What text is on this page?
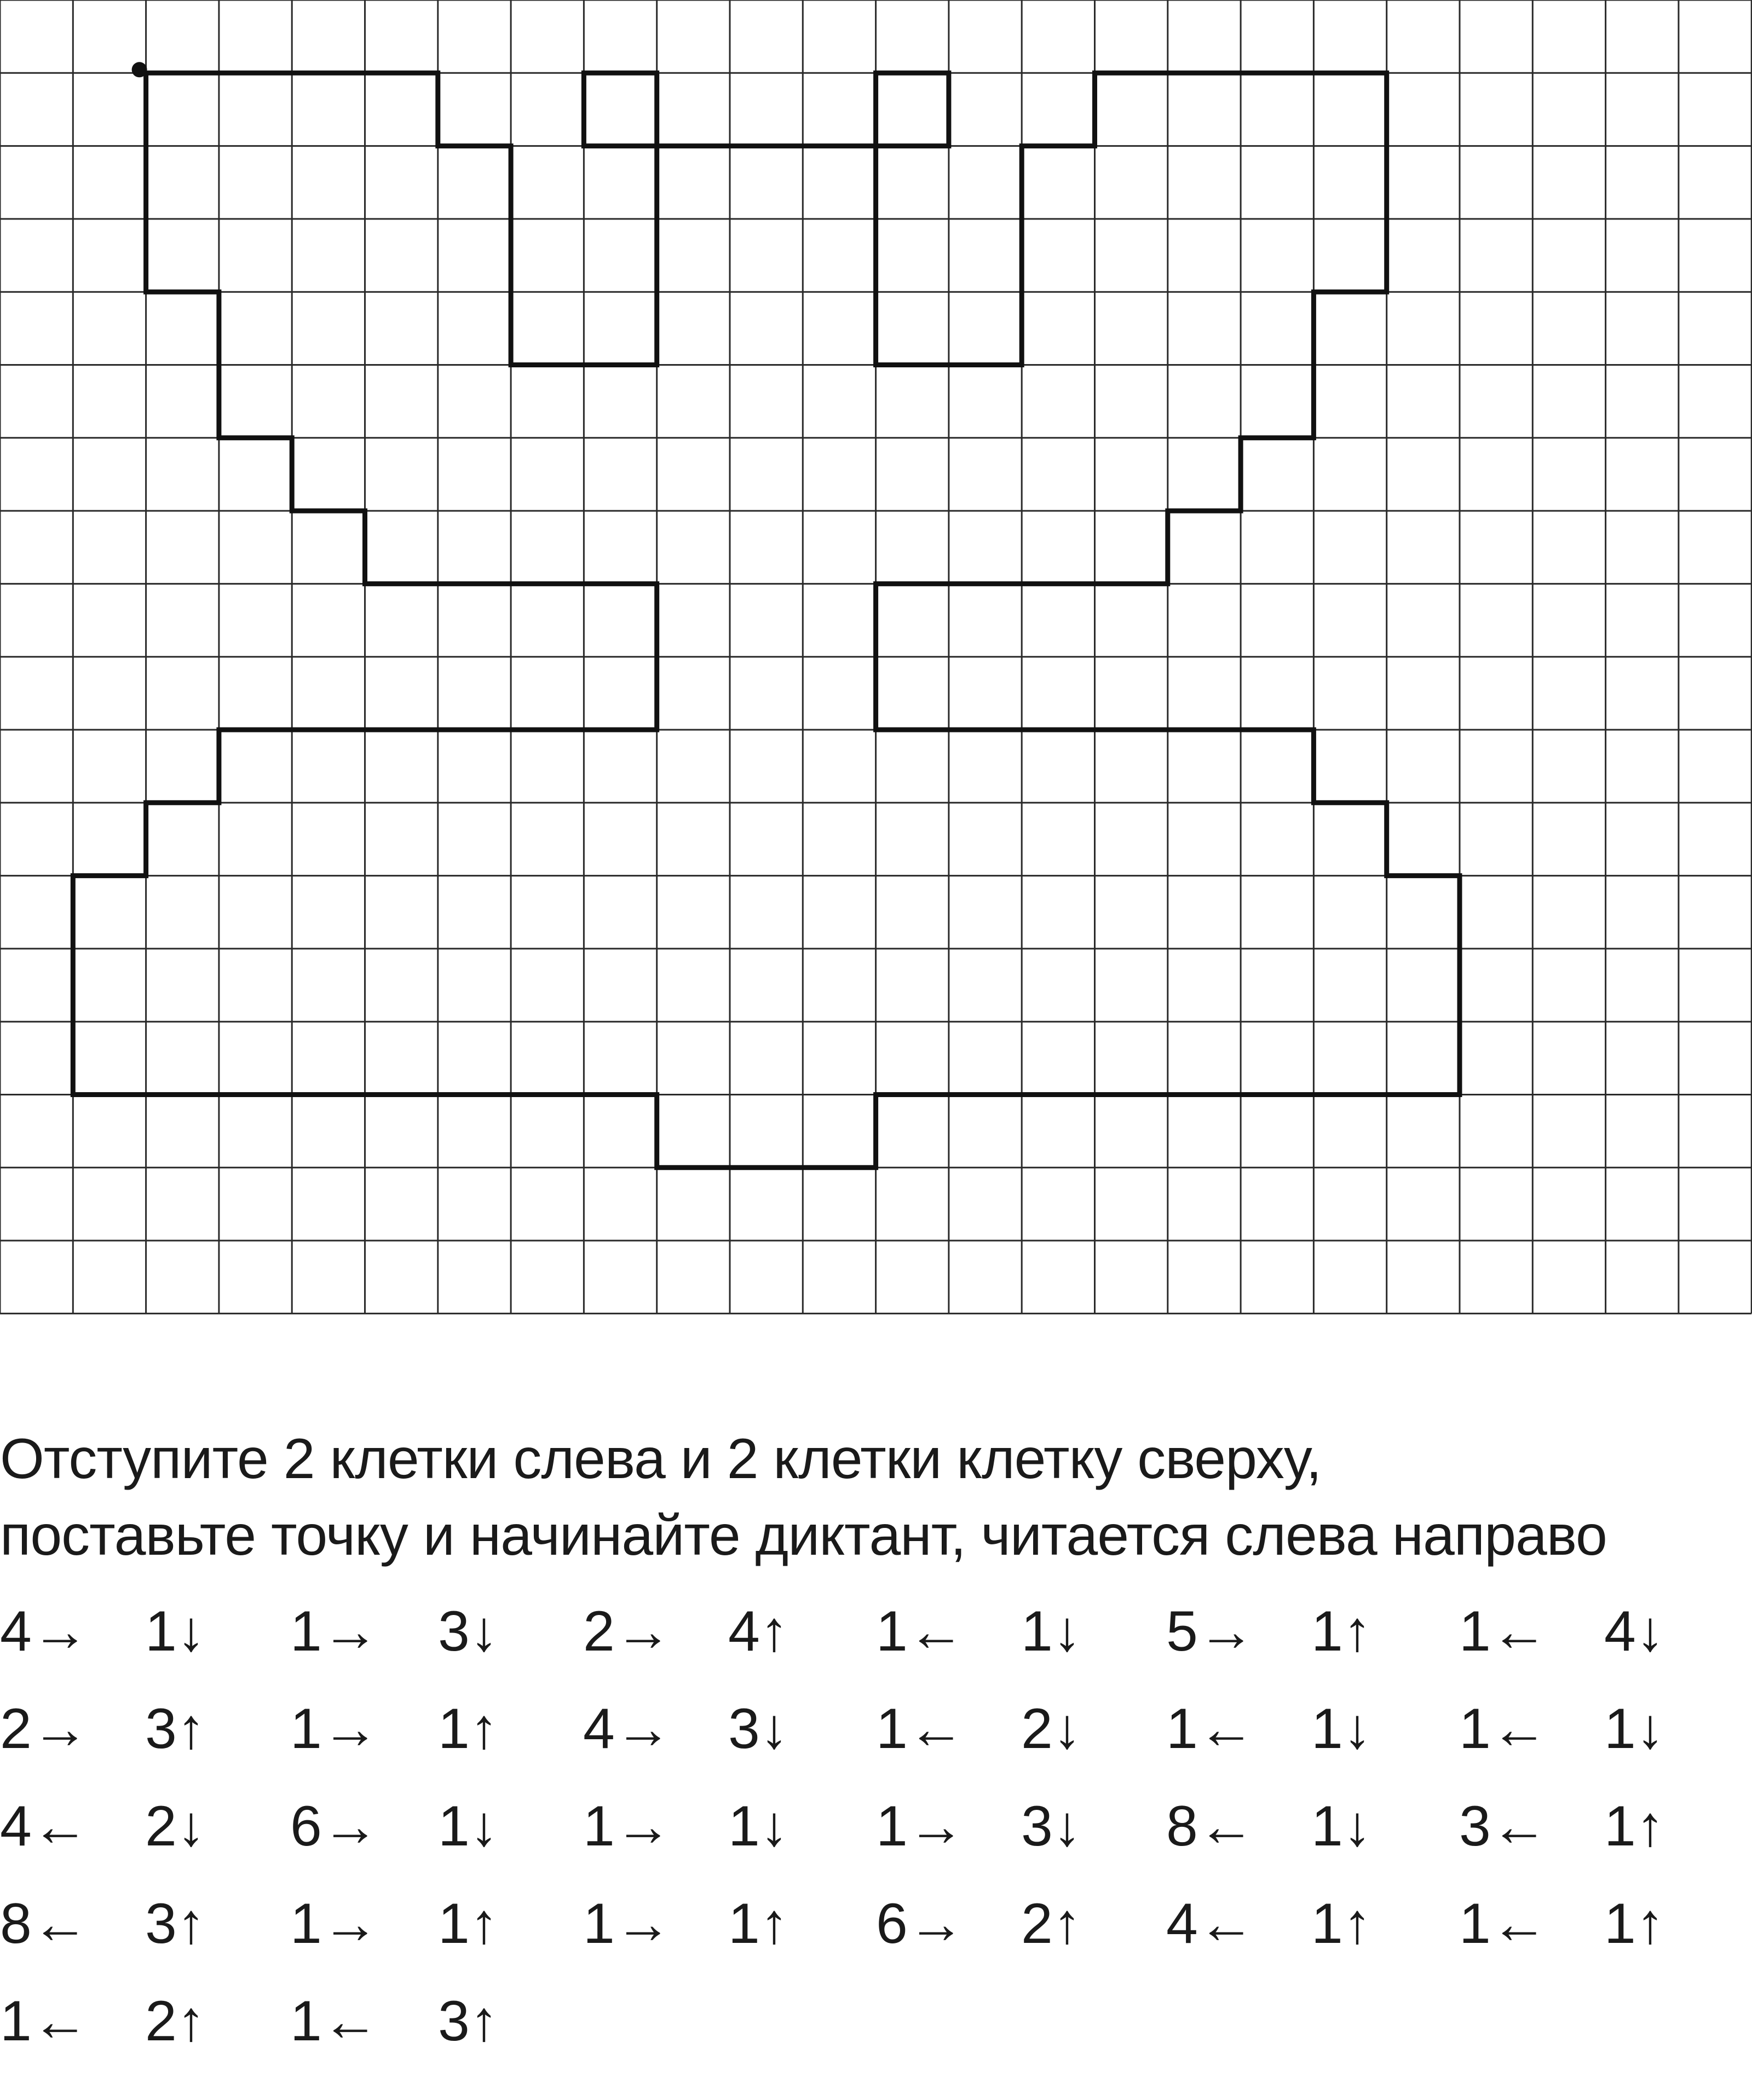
Отступите 2 клетки слева и 2 клетки клетку сверху,
поставьте точку и начинайте диктант, читается слева направо
4→ 1↓ 1→ 3↓ 2→ 4↑ 1← 1↓ 5→ 1↑ 1← 4↓
2→ 3↑ 1→ 1↑ 4→ 3↓ 1← 2↓ 1← 1↓ 1← 1↓
4← 2↓ 6→ 1↓ 1→ 1↓ 1→ 3↓ 8← 1↓ 3← 1↑
8← 3↑ 1→ 1↑ 1→ 1↑ 6→ 2↑ 4← 1↑ 1← 1↑
1← 2↑ 1← 3↑
